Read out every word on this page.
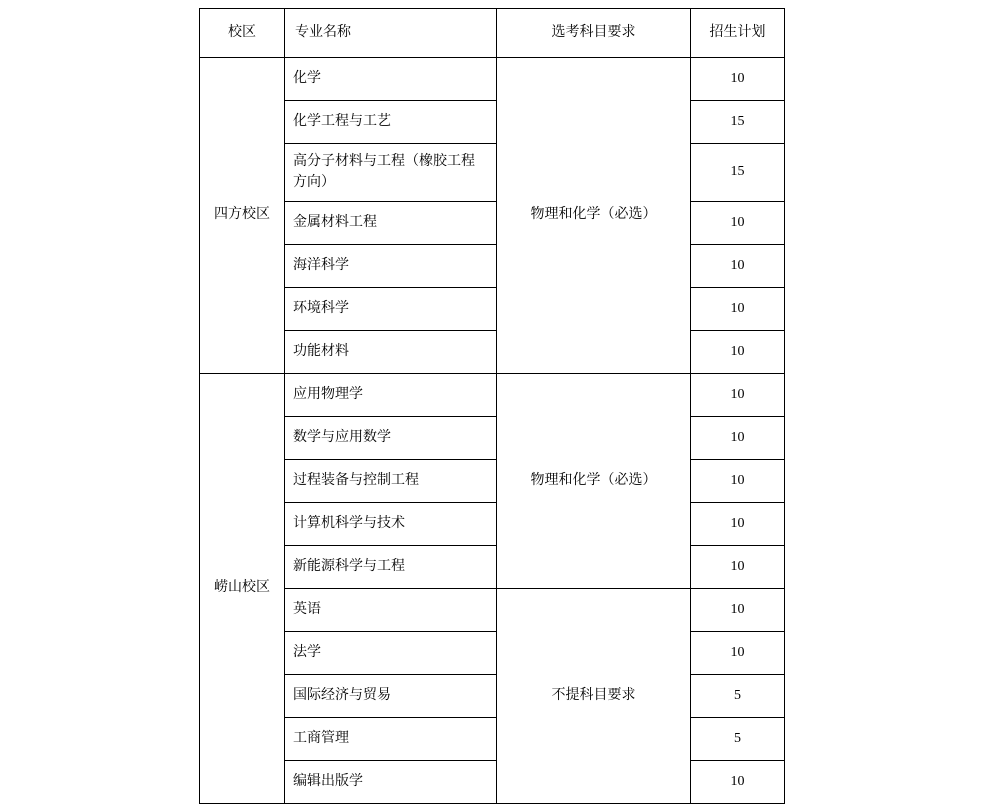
校区	专业名称	选考科目要求	招生计划
四方校区	化学	物理和化学（必选）	10
	化学工程与工艺		15
	高分子材料与工程（橡胶工程方向）		15
	金属材料工程		10
	海洋科学		10
	环境科学		10
	功能材料		10
崂山校区	应用物理学	物理和化学（必选）	10
	数学与应用数学		10
	过程装备与控制工程		10
	计算机科学与技术		10
	新能源科学与工程		10
	英语	不提科目要求	10
	法学		10
	国际经济与贸易		5
	工商管理		5
	编辑出版学		10
